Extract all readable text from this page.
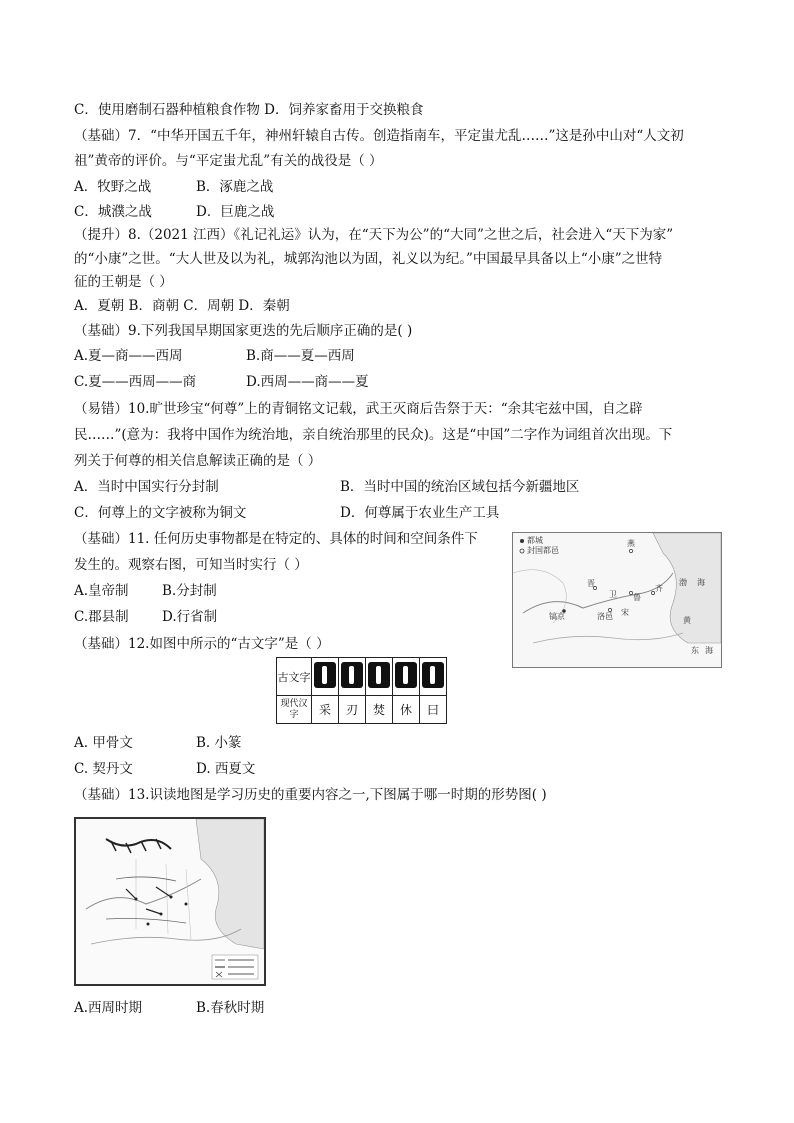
C．使用磨制石器种植粮食作物 D．饲养家畜用于交换粮食
（基础）7．“中华开国五千年，神州轩辕自古传。创造指南车，平定蚩尤乱……”这是孙中山对“人文初
祖”黄帝的评价。与“平定蚩尤乱”有关的战役是（ ）
A．牧野之战	B．涿鹿之战
C．城濮之战	D．巨鹿之战
（提升）8.（2021 江西）《礼记礼运》认为，在“天下为公”的“大同”之世之后，社会进入“天下为家”
的“小康”之世。“大人世及以为礼，城郭沟池以为固，礼义以为纪。”中国最早具备以上“小康”之世特
征的王朝是（ ）
A．夏朝 B．商朝 C．周朝 D．秦朝
（基础）9.下列我国早期国家更迭的先后顺序正确的是( )
A.夏—商——西周	B.商——夏—西周
C.夏——西周——商	D.西周——商——夏
（易错）10.旷世珍宝“何尊”上的青铜铭文记载，武王灭商后告祭于天：“余其宅兹中国，自之辟
民……”(意为：我将中国作为统治地，亲自统治那里的民众)。这是“中国”二字作为词组首次出现。下
列关于何尊的相关信息解读正确的是（ ）
A．当时中国实行分封制	B．当时中国的统治区域包括今新疆地区
C．何尊上的文字被称为铜文	D．何尊属于农业生产工具
（基础）11. 任何历史事物都是在特定的、具体的时间和空间条件下
发生的。观察右图，可知当时实行（ ）
A.皇帝制 B.分封制
C.郡县制 D.行省制
都城
封国都邑
燕
晋
卫 鲁
齐
镐京	洛邑 宋
渤 海
黄
东 海
（基础）12.如图中所示的“古文字”是（ ）
古文字					
现代汉字	采	刃	焚	休	曰
A. 甲骨文	B. 小篆
C. 契丹文	D. 西夏文
（基础）13.识读地图是学习历史的重要内容之一,下图属于哪一时期的形势图( )
A.西周时期	B.春秋时期
